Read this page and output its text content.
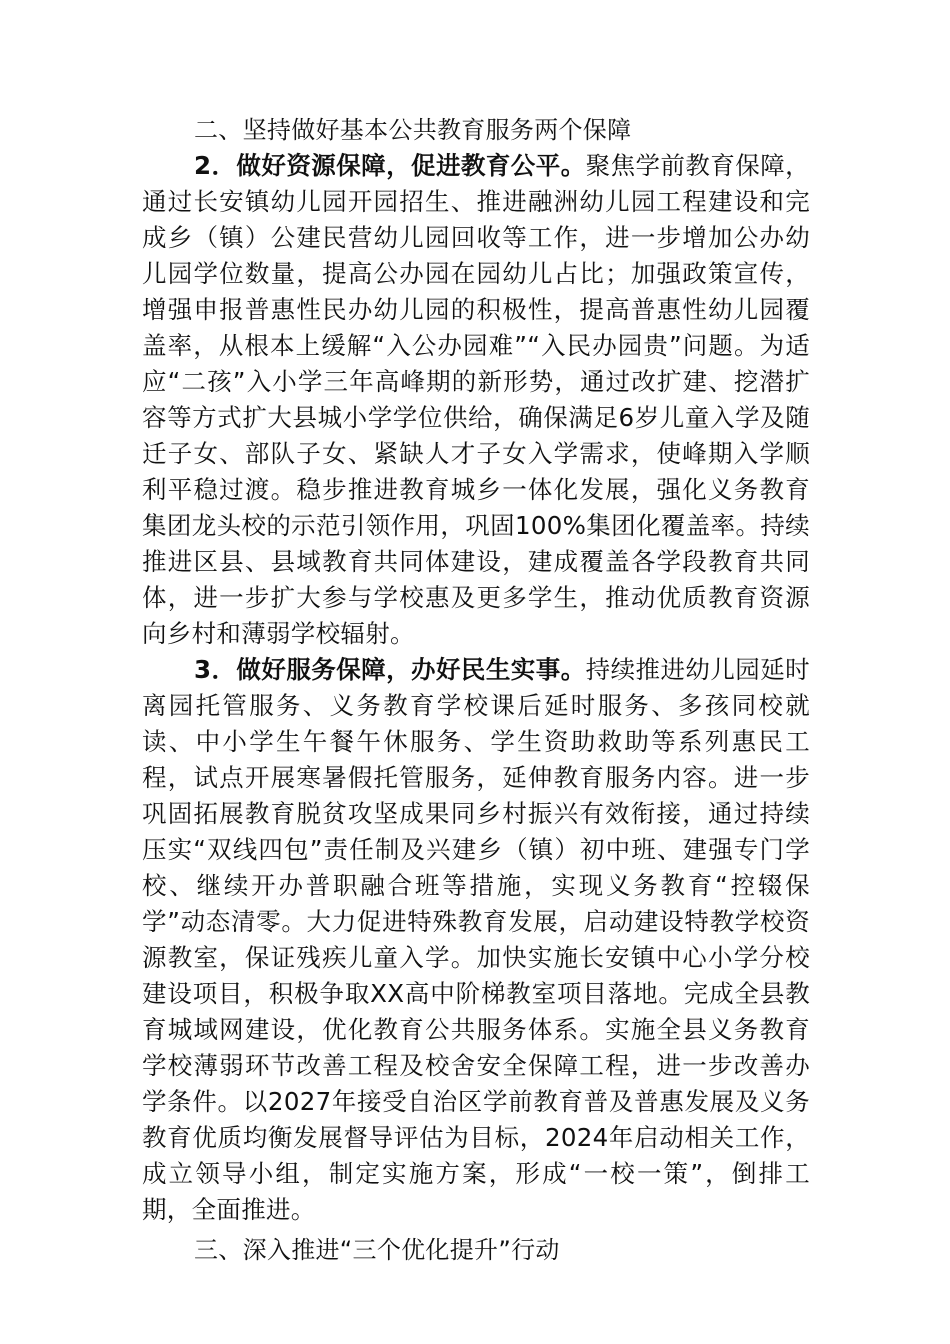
二、坚持做好基本公共教育服务两个保障

2．做好资源保障，促进教育公平。聚焦学前教育保障，通过长安镇幼儿园开园招生、推进融洲幼儿园工程建设和完成乡（镇）公建民营幼儿园回收等工作，进一步增加公办幼儿园学位数量，提高公办园在园幼儿占比；加强政策宣传，增强申报普惠性民办幼儿园的积极性，提高普惠性幼儿园覆盖率，从根本上缓解“入公办园难”“入民办园贵”问题。为适应“二孩”入小学三年高峰期的新形势，通过改扩建、挖潜扩容等方式扩大县城小学学位供给，确保满足6岁儿童入学及随迁子女、部队子女、紧缺人才子女入学需求，使峰期入学顺利平稳过渡。稳步推进教育城乡一体化发展，强化义务教育集团龙头校的示范引领作用，巩固100%集团化覆盖率。持续推进区县、县域教育共同体建设，建成覆盖各学段教育共同体，进一步扩大参与学校惠及更多学生，推动优质教育资源向乡村和薄弱学校辐射。

3．做好服务保障，办好民生实事。持续推进幼儿园延时离园托管服务、义务教育学校课后延时服务、多孩同校就读、中小学生午餐午休服务、学生资助救助等系列惠民工程，试点开展寒暑假托管服务，延伸教育服务内容。进一步巩固拓展教育脱贫攻坚成果同乡村振兴有效衔接，通过持续压实“双线四包”责任制及兴建乡（镇）初中班、建强专门学校、继续开办普职融合班等措施，实现义务教育“控辍保学”动态清零。大力促进特殊教育发展，启动建设特教学校资源教室，保证残疾儿童入学。加快实施长安镇中心小学分校建设项目，积极争取XX高中阶梯教室项目落地。完成全县教育城域网建设，优化教育公共服务体系。实施全县义务教育学校薄弱环节改善工程及校舍安全保障工程，进一步改善办学条件。以2027年接受自治区学前教育普及普惠发展及义务教育优质均衡发展督导评估为目标，2024年启动相关工作，成立领导小组，制定实施方案，形成“一校一策”，倒排工期，全面推进。

三、深入推进“三个优化提升”行动
